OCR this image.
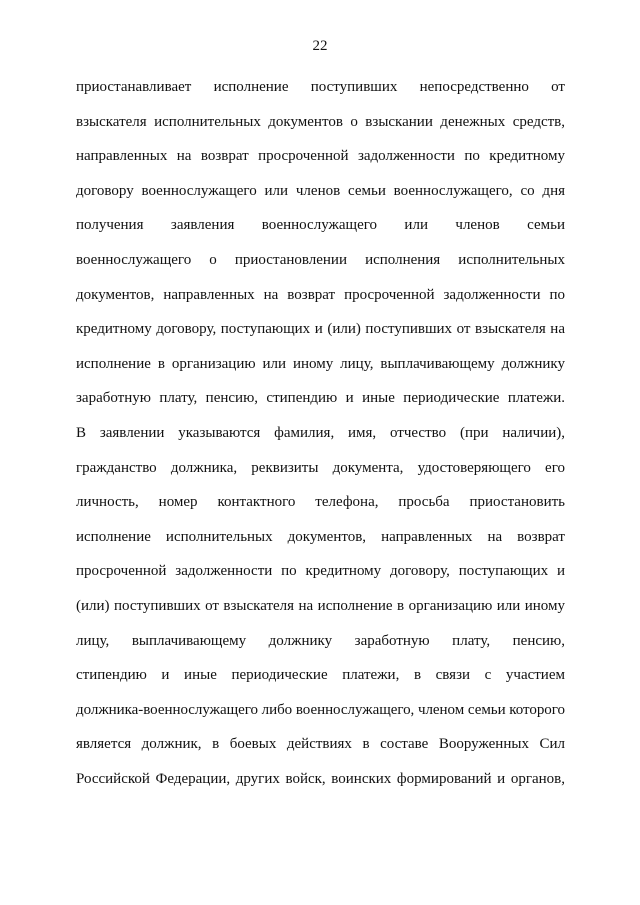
22
приостанавливает исполнение поступивших непосредственно от
взыскателя исполнительных документов о взыскании денежных средств,
направленных на возврат просроченной задолженности по кредитному
договору военнослужащего или членов семьи военнослужащего, со дня
получения заявления военнослужащего или членов семьи
военнослужащего о приостановлении исполнения исполнительных
документов, направленных на возврат просроченной задолженности по
кредитному договору, поступающих и (или) поступивших от взыскателя на
исполнение в организацию или иному лицу, выплачивающему должнику
заработную плату, пенсию, стипендию и иные периодические платежи.
В заявлении указываются фамилия, имя, отчество (при наличии),
гражданство должника, реквизиты документа, удостоверяющего его
личность, номер контактного телефона, просьба приостановить
исполнение исполнительных документов, направленных на возврат
просроченной задолженности по кредитному договору, поступающих и
(или) поступивших от взыскателя на исполнение в организацию или иному
лицу, выплачивающему должнику заработную плату, пенсию,
стипендию и иные периодические платежи, в связи с участием
должника-военнослужащего либо военнослужащего, членом семьи которого
является должник, в боевых действиях в составе Вооруженных Сил
Российской Федерации, других войск, воинских формирований и органов,
